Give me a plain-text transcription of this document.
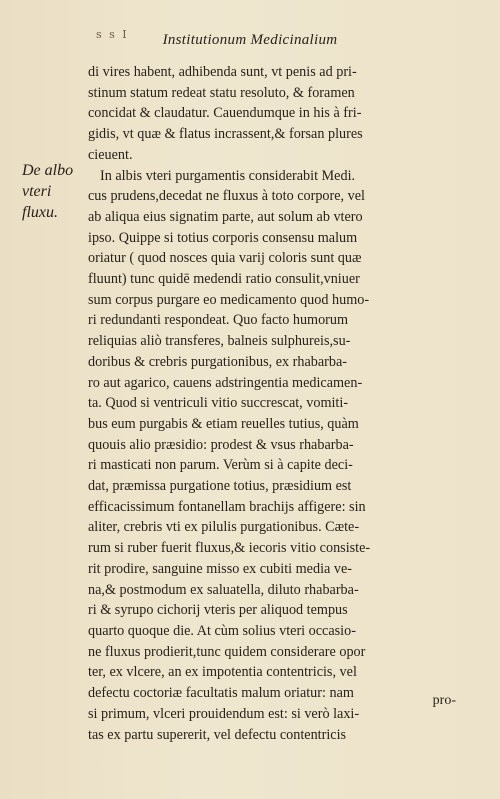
s s I	Institutionum Medicinalium
De albo
vteri
fluxu.
di vires habent, adhibenda sunt, vt penis ad pri-
stinum statum redeat statu resoluto, & foramen
concidat & claudatur. Cauendumque in his à fri-
gidis, vt quæ & flatus incrassent,& forsan plures
cieuent.
In albis vteri purgamentis considerabit Medi.
cus prudens,decedat ne fluxus à toto corpore, vel
ab aliqua eius signatim parte, aut solum ab vtero
ipso. Quippe si totius corporis consensu malum
oriatur ( quod nosces quia varij coloris sunt quæ
fluunt) tunc quidē medendi ratio consulit,vniuer
sum corpus purgare eo medicamento quod humo-
ri redundanti respondeat. Quo facto humorum
reliquias aliò transferes, balneis sulphureis,su-
doribus & crebris purgationibus, ex rhabarba-
ro aut agarico, cauens adstringentia medicamen-
ta. Quod si ventriculi vitio succrescat, vomiti-
bus eum purgabis & etiam reuelles tutius, quàm
quouis alio præsidio: prodest & vsus rhabarba-
ri masticati non parum. Verùm si à capite deci-
dat, præmissa purgatione totius, præsidium est
efficacissimum fontanellam brachijs affigere: sin
aliter, crebris vti ex pilulis purgationibus. Cæte-
rum si ruber fuerit fluxus,& iecoris vitio consiste-
rit prodire, sanguine misso ex cubiti media ve-
na,& postmodum ex saluatella, diluto rhabarba-
ri & syrupo cichorij vteris per aliquod tempus
quarto quoque die. At cùm solius vteri occasio-
ne fluxus prodierit,tunc quidem considerare opor
ter, ex vlcere, an ex impotentia contentricis, vel
defectu coctoriæ facultatis malum oriatur: nam
si primum, vlceri prouidendum est: si verò laxi-
tas ex partu supererit, vel defectu contentricis
pro-
